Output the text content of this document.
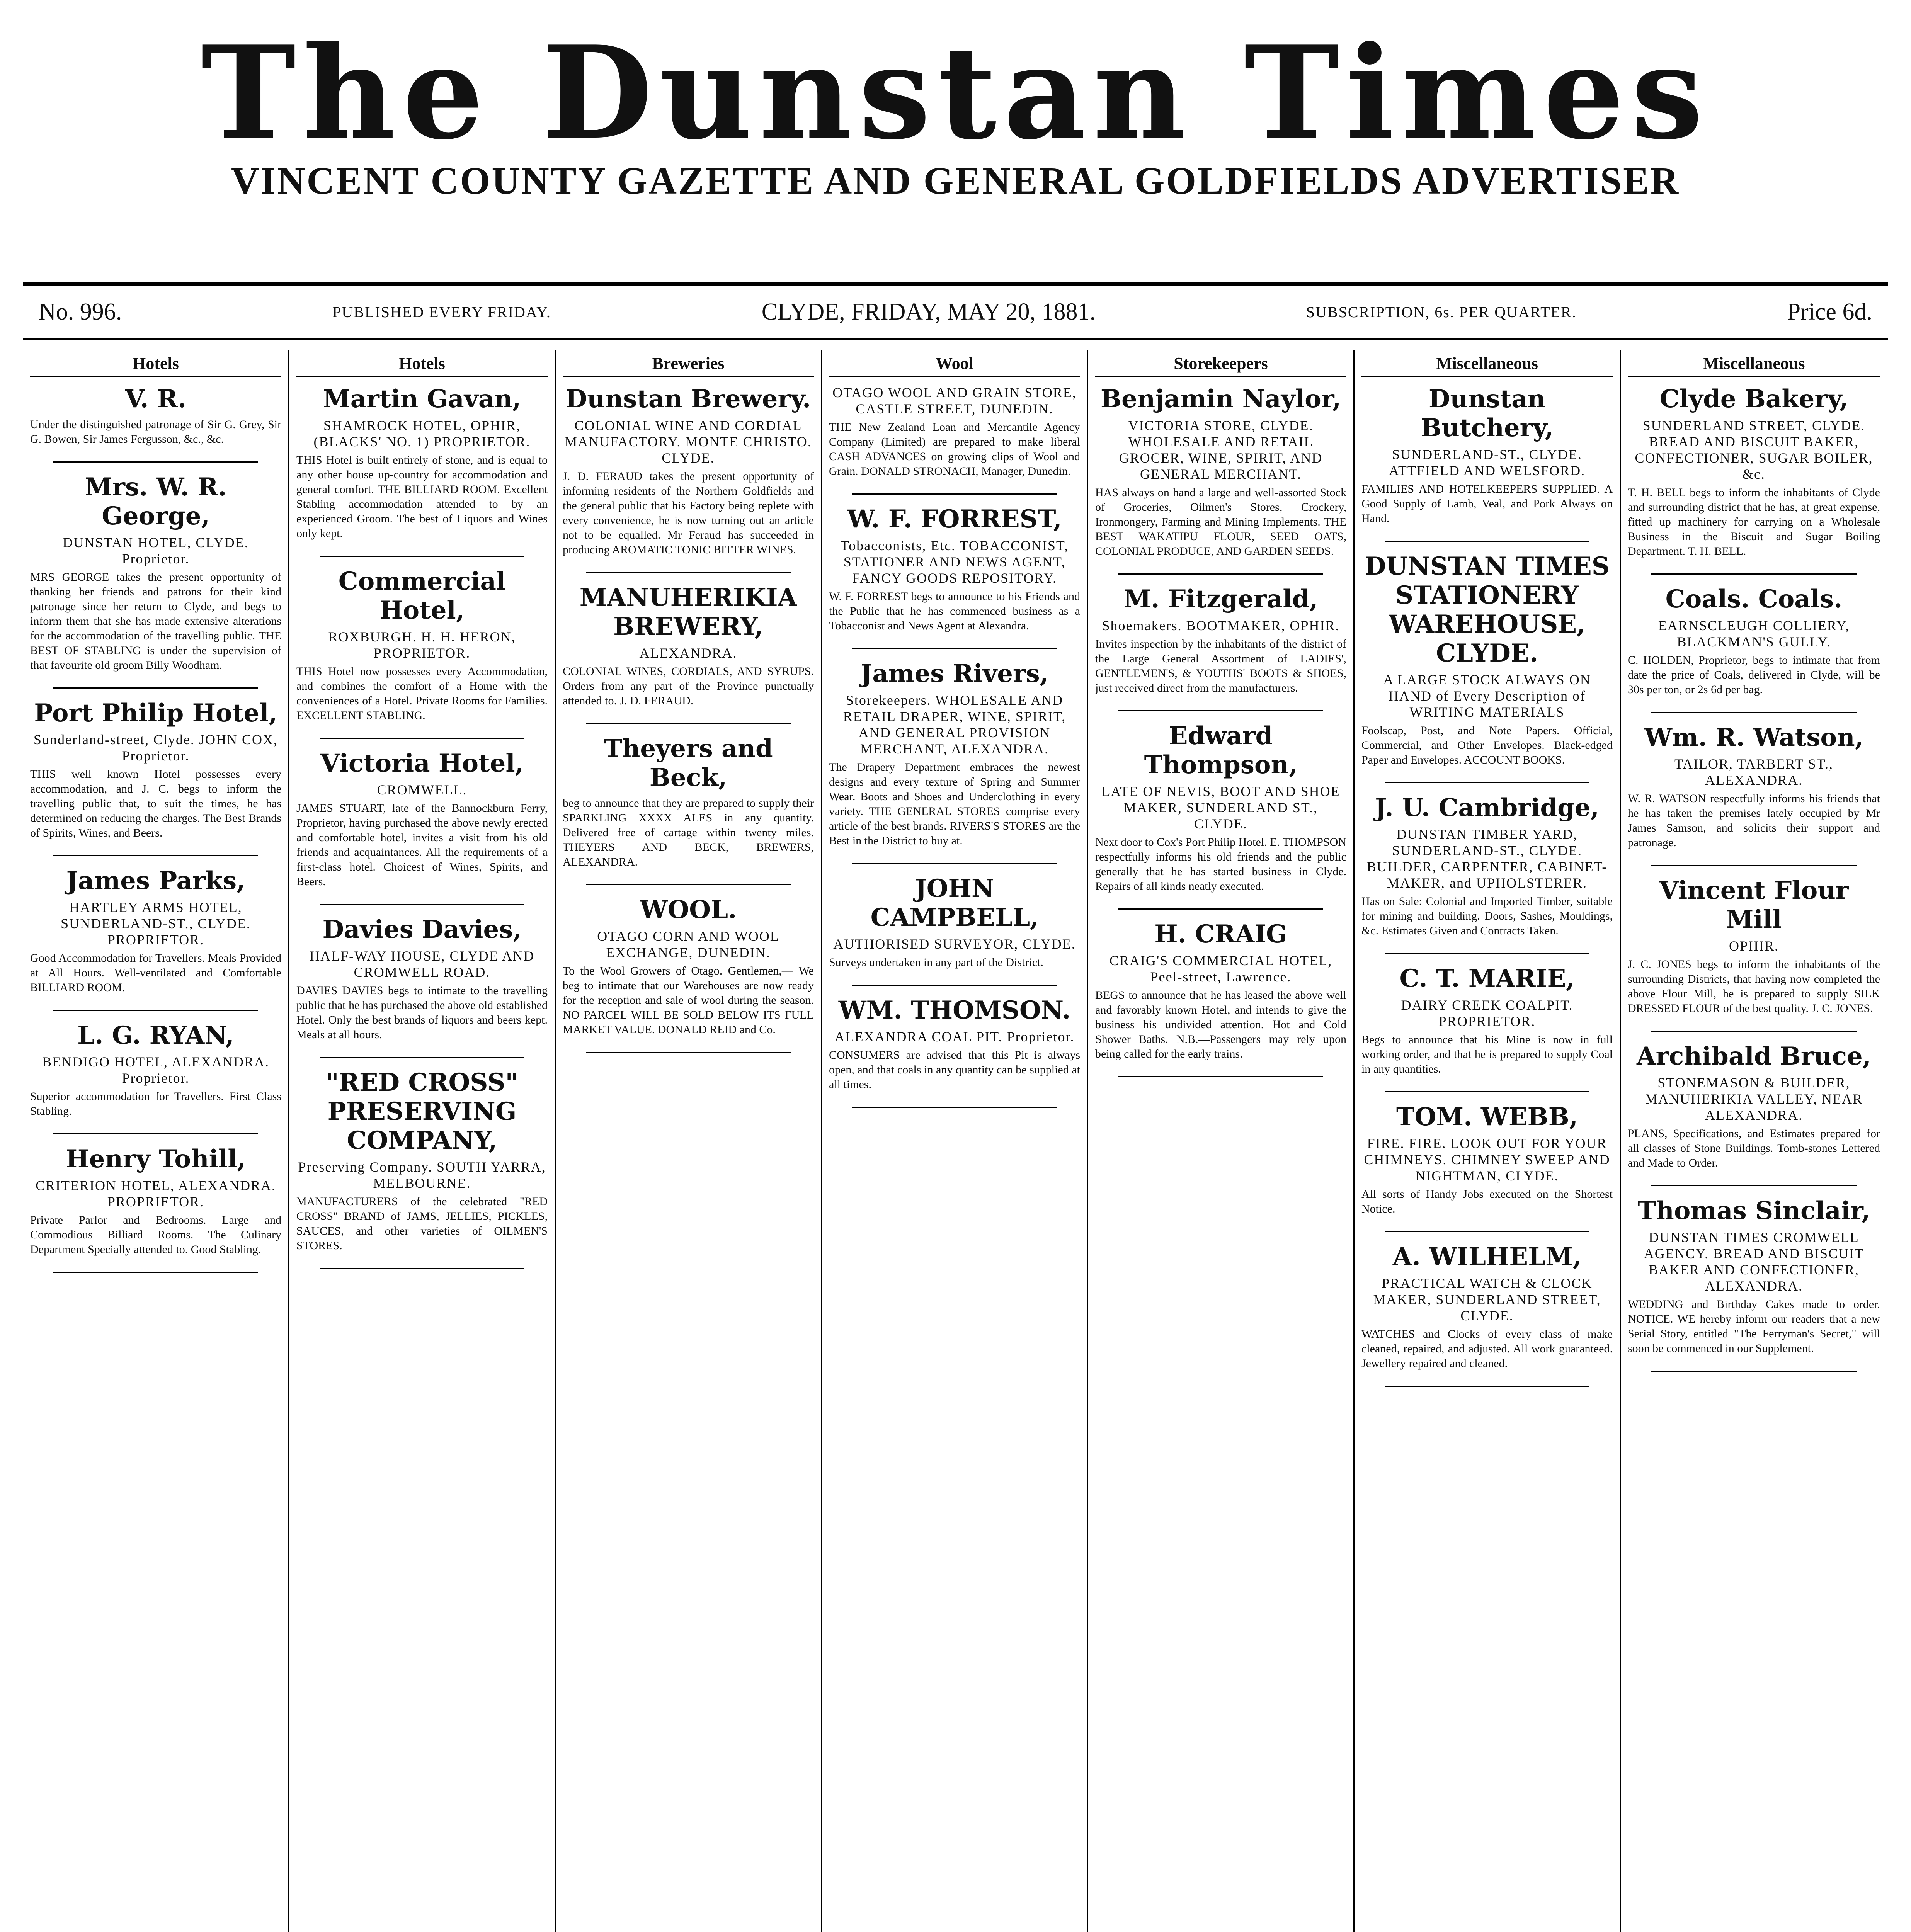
The Dunstan Times
VINCENT COUNTY GAZETTE AND GENERAL GOLDFIELDS ADVERTISER
No. 996.	PUBLISHED EVERY FRIDAY.	CLYDE, FRIDAY, MAY 20, 1881.	SUBSCRIPTION, 6s. PER QUARTER.	Price 6d.
Hotels
V. R.
Under the distinguished patronage of Sir G. Grey, Sir G. Bowen, Sir James Fergusson, &c., &c.
Mrs. W. R. George,
DUNSTAN HOTEL, CLYDE. Proprietor.
MRS GEORGE takes the present opportunity of thanking her friends and patrons for their kind patronage since her return to Clyde, and begs to inform them that she has made extensive alterations for the accommodation of the travelling public. THE BEST OF STABLING is under the supervision of that favourite old groom Billy Woodham.
Port Philip Hotel,
Sunderland-street, Clyde. JOHN COX, Proprietor.
THIS well known Hotel possesses every accommodation, and J. C. begs to inform the travelling public that, to suit the times, he has determined on reducing the charges. The Best Brands of Spirits, Wines, and Beers.
James Parks,
HARTLEY ARMS HOTEL, SUNDERLAND-ST., CLYDE. PROPRIETOR.
Good Accommodation for Travellers. Meals Provided at All Hours. Well-ventilated and Comfortable BILLIARD ROOM.
L. G. RYAN,
BENDIGO HOTEL, ALEXANDRA. Proprietor.
Superior accommodation for Travellers. First Class Stabling.
Henry Tohill,
CRITERION HOTEL, ALEXANDRA. PROPRIETOR.
Private Parlor and Bedrooms. Large and Commodious Billiard Rooms. The Culinary Department Specially attended to. Good Stabling.
Hotels
Martin Gavan,
SHAMROCK HOTEL, OPHIR, (BLACKS' NO. 1) PROPRIETOR.
THIS Hotel is built entirely of stone, and is equal to any other house up-country for accommodation and general comfort. THE BILLIARD ROOM. Excellent Stabling accommodation attended to by an experienced Groom. The best of Liquors and Wines only kept.
Commercial Hotel,
ROXBURGH. H. H. HERON, PROPRIETOR.
THIS Hotel now possesses every Accommodation, and combines the comfort of a Home with the conveniences of a Hotel. Private Rooms for Families. EXCELLENT STABLING.
Victoria Hotel,
CROMWELL.
JAMES STUART, late of the Bannockburn Ferry, Proprietor, having purchased the above newly erected and comfortable hotel, invites a visit from his old friends and acquaintances. All the requirements of a first-class hotel. Choicest of Wines, Spirits, and Beers.
Davies Davies,
HALF-WAY HOUSE, CLYDE AND CROMWELL ROAD.
DAVIES DAVIES begs to intimate to the travelling public that he has purchased the above old established Hotel. Only the best brands of liquors and beers kept. Meals at all hours.
"RED CROSS" PRESERVING COMPANY,
Preserving Company. SOUTH YARRA, MELBOURNE.
MANUFACTURERS of the celebrated "RED CROSS" BRAND of JAMS, JELLIES, PICKLES, SAUCES, and other varieties of OILMEN'S STORES.
Breweries
Dunstan Brewery.
COLONIAL WINE AND CORDIAL MANUFACTORY. MONTE CHRISTO. CLYDE.
J. D. FERAUD takes the present opportunity of informing residents of the Northern Goldfields and the general public that his Factory being replete with every convenience, he is now turning out an article not to be equalled. Mr Feraud has succeeded in producing AROMATIC TONIC BITTER WINES.
MANUHERIKIA BREWERY,
ALEXANDRA.
COLONIAL WINES, CORDIALS, AND SYRUPS. Orders from any part of the Province punctually attended to. J. D. FERAUD.
Theyers and Beck,
beg to announce that they are prepared to supply their SPARKLING XXXX ALES in any quantity. Delivered free of cartage within twenty miles. THEYERS AND BECK, BREWERS, ALEXANDRA.
WOOL.
OTAGO CORN AND WOOL EXCHANGE, DUNEDIN.
To the Wool Growers of Otago. Gentlemen,— We beg to intimate that our Warehouses are now ready for the reception and sale of wool during the season. NO PARCEL WILL BE SOLD BELOW ITS FULL MARKET VALUE. DONALD REID and Co.
Wool
OTAGO WOOL AND GRAIN STORE, CASTLE STREET, DUNEDIN.
THE New Zealand Loan and Mercantile Agency Company (Limited) are prepared to make liberal CASH ADVANCES on growing clips of Wool and Grain. DONALD STRONACH, Manager, Dunedin.
W. F. FORREST,
Tobacconists, Etc. TOBACCONIST, STATIONER AND NEWS AGENT, FANCY GOODS REPOSITORY.
W. F. FORREST begs to announce to his Friends and the Public that he has commenced business as a Tobacconist and News Agent at Alexandra.
James Rivers,
Storekeepers. WHOLESALE AND RETAIL DRAPER, WINE, SPIRIT, AND GENERAL PROVISION MERCHANT, ALEXANDRA.
The Drapery Department embraces the newest designs and every texture of Spring and Summer Wear. Boots and Shoes and Underclothing in every variety. THE GENERAL STORES comprise every article of the best brands. RIVERS'S STORES are the Best in the District to buy at.
JOHN CAMPBELL,
AUTHORISED SURVEYOR, CLYDE.
Surveys undertaken in any part of the District.
WM. THOMSON.
ALEXANDRA COAL PIT. Proprietor.
CONSUMERS are advised that this Pit is always open, and that coals in any quantity can be supplied at all times.
Storekeepers
Benjamin Naylor,
VICTORIA STORE, CLYDE. WHOLESALE AND RETAIL GROCER, WINE, SPIRIT, AND GENERAL MERCHANT.
HAS always on hand a large and well-assorted Stock of Groceries, Oilmen's Stores, Crockery, Ironmongery, Farming and Mining Implements. THE BEST WAKATIPU FLOUR, SEED OATS, COLONIAL PRODUCE, AND GARDEN SEEDS.
M. Fitzgerald,
Shoemakers. BOOTMAKER, OPHIR.
Invites inspection by the inhabitants of the district of the Large General Assortment of LADIES', GENTLEMEN'S, & YOUTHS' BOOTS & SHOES, just received direct from the manufacturers.
Edward Thompson,
LATE OF NEVIS, BOOT AND SHOE MAKER, SUNDERLAND ST., CLYDE.
Next door to Cox's Port Philip Hotel. E. THOMPSON respectfully informs his old friends and the public generally that he has started business in Clyde. Repairs of all kinds neatly executed.
H. CRAIG
CRAIG'S COMMERCIAL HOTEL, Peel-street, Lawrence.
BEGS to announce that he has leased the above well and favorably known Hotel, and intends to give the business his undivided attention. Hot and Cold Shower Baths. N.B.—Passengers may rely upon being called for the early trains.
Miscellaneous
Dunstan Butchery,
SUNDERLAND-ST., CLYDE. ATTFIELD AND WELSFORD.
FAMILIES AND HOTELKEEPERS SUPPLIED. A Good Supply of Lamb, Veal, and Pork Always on Hand.
DUNSTAN TIMES STATIONERY WAREHOUSE, CLYDE.
A LARGE STOCK ALWAYS ON HAND of Every Description of WRITING MATERIALS
Foolscap, Post, and Note Papers. Official, Commercial, and Other Envelopes. Black-edged Paper and Envelopes. ACCOUNT BOOKS.
J. U. Cambridge,
DUNSTAN TIMBER YARD, SUNDERLAND-ST., CLYDE. BUILDER, CARPENTER, CABINET-MAKER, and UPHOLSTERER.
Has on Sale: Colonial and Imported Timber, suitable for mining and building. Doors, Sashes, Mouldings, &c. Estimates Given and Contracts Taken.
C. T. MARIE,
DAIRY CREEK COALPIT. PROPRIETOR.
Begs to announce that his Mine is now in full working order, and that he is prepared to supply Coal in any quantities.
TOM. WEBB,
FIRE. FIRE. LOOK OUT FOR YOUR CHIMNEYS. CHIMNEY SWEEP AND NIGHTMAN, CLYDE.
All sorts of Handy Jobs executed on the Shortest Notice.
A. WILHELM,
PRACTICAL WATCH & CLOCK MAKER, SUNDERLAND STREET, CLYDE.
WATCHES and Clocks of every class of make cleaned, repaired, and adjusted. All work guaranteed. Jewellery repaired and cleaned.
Miscellaneous
Clyde Bakery,
SUNDERLAND STREET, CLYDE. BREAD AND BISCUIT BAKER, CONFECTIONER, SUGAR BOILER, &c.
T. H. BELL begs to inform the inhabitants of Clyde and surrounding district that he has, at great expense, fitted up machinery for carrying on a Wholesale Business in the Biscuit and Sugar Boiling Department. T. H. BELL.
Coals. Coals.
EARNSCLEUGH COLLIERY, BLACKMAN'S GULLY.
C. HOLDEN, Proprietor, begs to intimate that from date the price of Coals, delivered in Clyde, will be 30s per ton, or 2s 6d per bag.
Wm. R. Watson,
TAILOR, TARBERT ST., ALEXANDRA.
W. R. WATSON respectfully informs his friends that he has taken the premises lately occupied by Mr James Samson, and solicits their support and patronage.
Vincent Flour Mill
OPHIR.
J. C. JONES begs to inform the inhabitants of the surrounding Districts, that having now completed the above Flour Mill, he is prepared to supply SILK DRESSED FLOUR of the best quality. J. C. JONES.
Archibald Bruce,
STONEMASON & BUILDER, MANUHERIKIA VALLEY, NEAR ALEXANDRA.
PLANS, Specifications, and Estimates prepared for all classes of Stone Buildings. Tomb-stones Lettered and Made to Order.
Thomas Sinclair,
DUNSTAN TIMES CROMWELL AGENCY. BREAD AND BISCUIT BAKER AND CONFECTIONER, ALEXANDRA.
WEDDING and Birthday Cakes made to order. NOTICE. WE hereby inform our readers that a new Serial Story, entitled "The Ferryman's Secret," will soon be commenced in our Supplement.
